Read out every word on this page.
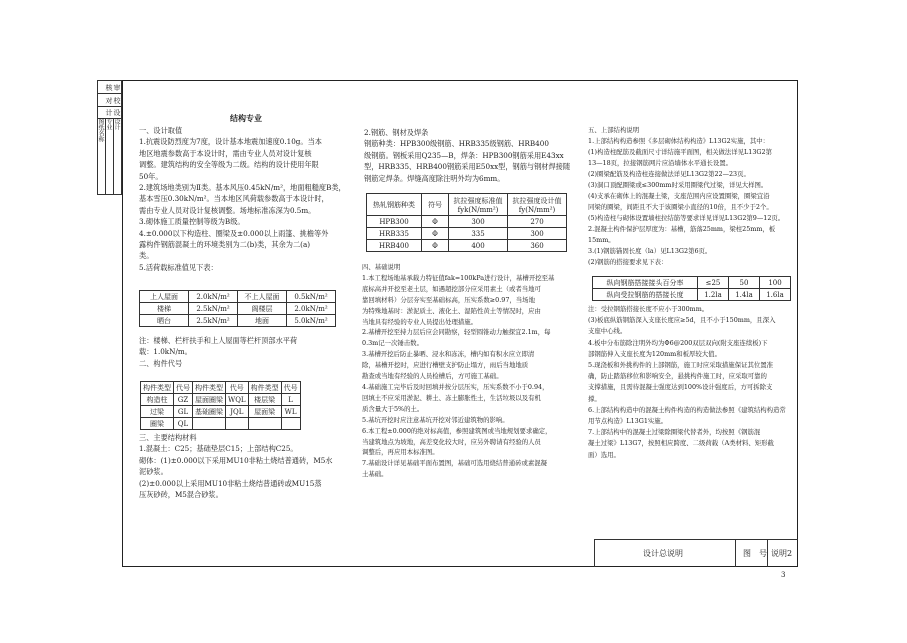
审核
校对
设计
图纸名称 专业 设计	结构专业

一、设计取值

1.抗震设防烈度为7度，设计基本地震加速度0.10g。当本

地区地震参数高于本设计时，需由专业人员对设计复核

调整。建筑结构的安全等级为二级。结构的设计使用年限

50年。

2.建筑场地类别为Ⅱ类。基本风压0.45kN/m²，地面粗糙度B类，

基本雪压0.30kN/m²。当本地区风荷载参数高于本设计时，

需由专业人员对设计复核调整。场地标准冻深为0.5m。

3.砌体施工质量控制等级为B级。

4.±0.000以下构造柱、圈梁及±0.000以上雨篷、挑檐等外

露构件钢筋混凝土的环境类别为二(b)类，其余为二(a)

类。

5.活荷载标准值见下表：

上人屋面	2.0kN/m²	不上人屋面	0.5kN/m²
楼梯	2.5kN/m²	阁楼层	2.0kN/m²
晒台	2.5kN/m²	地面	5.0kN/m²

注：楼梯、栏杆扶手和上人屋面等栏杆顶部水平荷

载：1.0kN/m。

二、构件代号

构件类型	代号	构件类型	代号	构件类型	代号
构造柱	GZ	屋面圈梁	WQL	楼层梁	L
过梁	GL	基础圈梁	JQL	屋面梁	WL
圈梁	QL				

三、主要结构材料

1.混凝土：C25；基础垫层C15；上部结构C25。

砌体：(1)±0.000以下采用MU10非粘土烧结普通砖，M5水

泥砂浆。

(2)±0.000以上采用MU10非粘土烧结普通砖或MU15蒸

压灰砂砖，M5混合砂浆。

2.钢筋、钢材及焊条

钢筋种类：HPB300级钢筋、HRB335级钢筋、HRB400

级钢筋。钢板采用Q235—B，焊条：HPB300钢筋采用E43xx

型，HRB335、HRB400钢筋采用E50xx型，钢筋与钢材焊接随

钢筋定焊条。焊缝高度除注明外均为6mm。

热轧钢筋种类	符号	抗拉强度标准值fyk(N/mm²)	抗拉强度设计值fy(N/mm²)
HPB300	Φ	300	270
HRB335	Φ	335	300
HRB400	Φ	400	360

四、基础说明

1.本工程场地基承载力特征值fak=100kPa进行设计，基槽开挖至基

底标高并开挖至老土层，如遇超挖部分应采用素土（或者当地可

靠回填材料）分层夯实至基础标高，压实系数≥0.97，当场地

为特殊地基时：淤泥质土、液化土、湿陷性黄土等情况时，应由

当地具有经验的专业人员提出处理措施。

2.基槽开挖至持力层后应会同勘察，轻型圆锥动力触探宜2.1m，每

0.3m记一次锤击数。

3.基槽开挖后防止暴晒、浸水和冻冻，槽内如有积水应立即清

除，基槽开挖时，应进行槽壁支护防止塌方，雨后当地地质

勘查或当地有经验的人员检槽后，方可施工基础。

4.基础施工完毕后及时回填并按分层压实，压实系数不小于0.94，

回填土不应采用淤泥、耕土、冻土膨胀性土，生活垃圾以及有机

质含量大于5%的土。

5.基坑开挖时应注意基坑开挖对邻近建筑物的影响。

6.本工程±0.000的绝对标高值，参照建筑图或当地规划要求确定，

当建筑地点为坡地，高差变化较大时，应另外聘请有经验的人员

调整后，再应用本标准图。

7.基础设计详见基础平面布置图，基础可选用烧结普通砖或素混凝

土基础。

五、上部结构说明

1.上部结构构造参照《多层砌体结构构造》L13G2实施，其中：

(1)构造柱配筋及截面尺寸详结施平面图，相关做法详见L13G2第

13—18页，拉接钢筋网片应沿墙体水平通长设置。

(2)圈梁配筋及构造柱连接做法详见L13G2第22—23页。

(3)洞口顶配圈梁或≤300mm时采用圈梁代过梁，详见大样图。

(4)支承在砌体上的混凝土梁，支座范围内应设置圈梁，圈梁宜沿

同梁的圈梁，间距且不大于该圈梁小直径的10倍，且不少于2个。

(5)构造柱与砌体设置墙柱拉结筋等要求详见详见L13G2第9—12页。

2.混凝土构件保护层厚度为：基槽，筋落25mm，梁柱25mm，板15mm。

3.(1)钢筋锚固长度（la）见L13G2第6页。

(2)钢筋的搭接要求见下表：

纵向钢筋搭接接头百分率	≤25	50	100
纵向受拉钢筋的搭接长度	1.2la	1.4la	1.6la

注：受拉钢筋搭接长度不应小于300mm。

(3)板底纵筋钢筋深入支座长度应≥5d，且不小于150mm，且深入

支座中心线。

4.板中分布筋除注明外均为Φ6@200双层双向(附支座连续板)下

部钢筋伸入支座长度为120mm和板厚较大值。

5.现浇板和外挑构件的上部钢筋，施工时应采取措施保证其位置准

确，防止踏筋移位和影响安全，悬挑构件施工时，应采取可靠的

支撑措施，且需待混凝土强度达到100%设计强度后，方可拆除支

撑。

6.上部结构构造中的混凝土构件构造的构造做法参照《建筑结构构造常

用节点构造》L13G1实施。

7.上部结构中的混凝土过梁除圈梁代替者外，均按照《钢筋混

凝土过梁》L13G7，按照相应跨度、二级荷载（A类材料、矩形截

面）选用。

设计总说明	图　号 说明2
3
